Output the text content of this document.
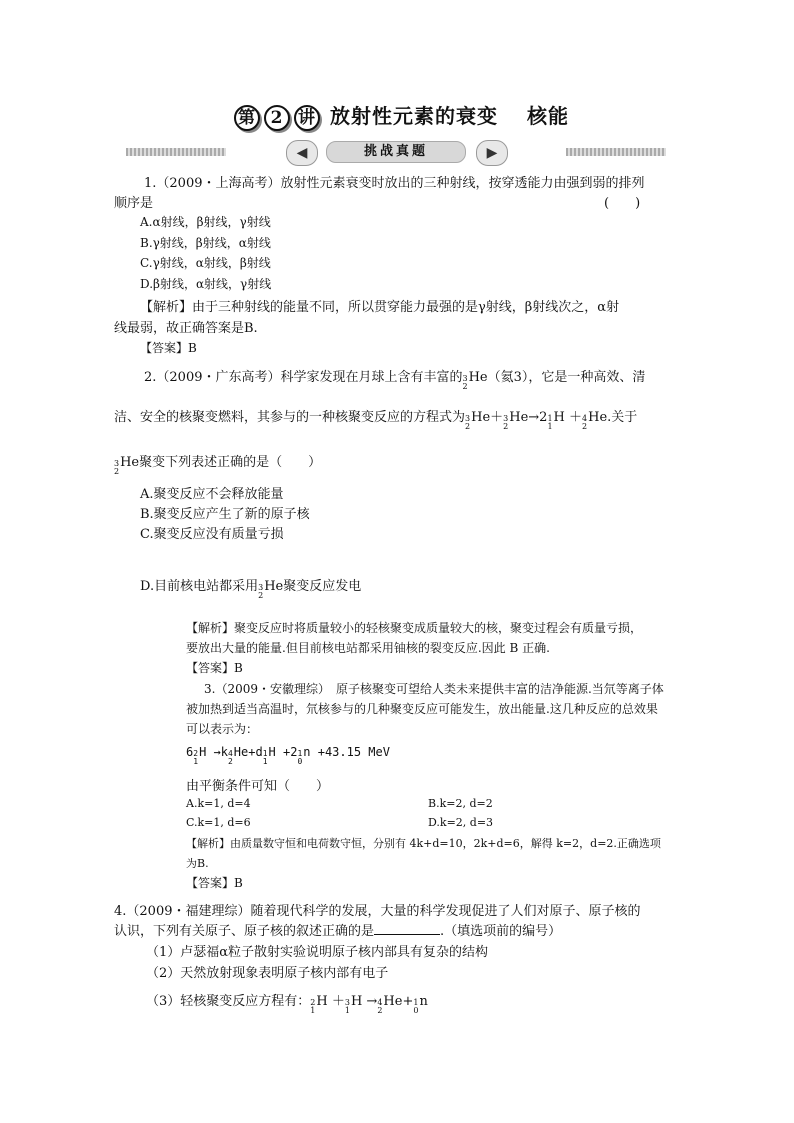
第 2 讲 放射性元素的衰变　 核能
◀	挑战真题	▶
1.（2009・上海高考）放射性元素衰变时放出的三种射线，按穿透能力由强到弱的排列
顺序是	(　　)
A.α射线，β射线，γ射线
B.γ射线，β射线，α射线
C.γ射线，α射线，β射线
D.β射线，α射线，γ射线
【解析】由于三种射线的能量不同，所以贯穿能力最强的是γ射线，β射线次之，α射
线最弱，故正确答案是B.
【答案】B
2.（2009・广东高考）科学家发现在月球上含有丰富的 3
2
He（氦3），它是一种高效、清
洁、安全的核聚变燃料，其参与的一种核聚变反应的方程式为 3
2
He＋ 3
2
He→2 1
1
H ＋ 4
2
He.关于
3
2
He聚变下列表述正确的是（　　）
A.聚变反应不会释放能量
B.聚变反应产生了新的原子核
C.聚变反应没有质量亏损
D.目前核电站都采用 3
2
He聚变反应发电
【解析】聚变反应时将质量较小的轻核聚变成质量较大的核，聚变过程会有质量亏损，
要放出大量的能量.但目前核电站都采用铀核的裂变反应.因此 B 正确.
【答案】B
3.（2009・安徽理综）　原子核聚变可望给人类未来提供丰富的洁净能源.当氘等离子体
被加热到适当高温时，氘核参与的几种聚变反应可能发生，放出能量.这几种反应的总效果
可以表示为：
6 2
1
H →k 4
2
He+d 1
1
H +2 1
0
n +43.15 MeV
由平衡条件可知（　　）
A.k=1, d=4	B.k=2, d=2
C.k=1, d=6	D.k=2, d=3
【解析】由质量数守恒和电荷数守恒，分别有 4k+d=10，2k+d=6，解得 k=2，d=2.正确选项
为B.
【答案】B
4.（2009・福建理综）随着现代科学的发展，大量的科学发现促进了人们对原子、原子核的
认识，下列有关原子、原子核的叙述正确的是	.（填选项前的编号）
（1）卢瑟福α粒子散射实验说明原子核内部具有复杂的结构
（2）天然放射现象表明原子核内部有电子
（3）轻核聚变反应方程有： 2
1
H ＋ 3
1
H → 4
2
He+ 1
0
n
